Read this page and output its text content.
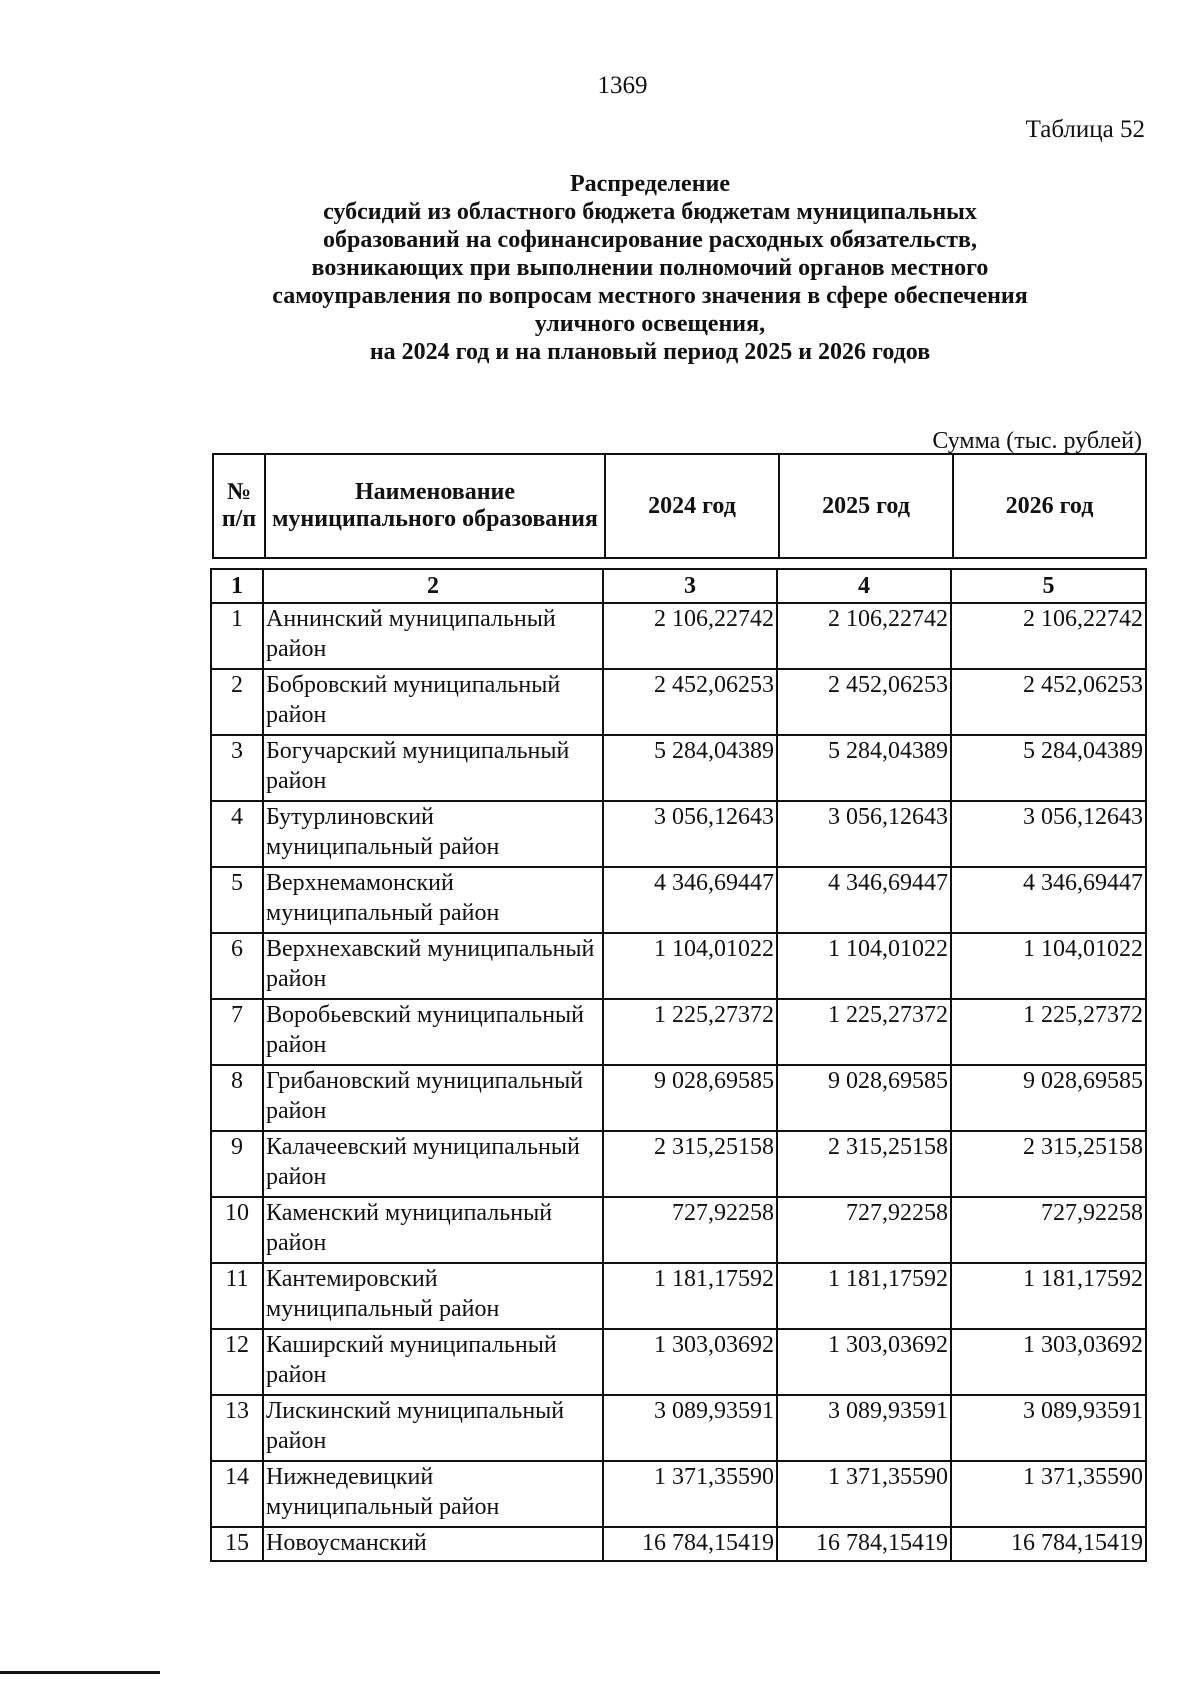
1369
Таблица 52
Распределение
субсидий из областного бюджета бюджетам муниципальных
образований на софинансирование расходных обязательств,
возникающих при выполнении полномочий органов местного
самоуправления по вопросам местного значения в сфере обеспечения
уличного освещения,
на 2024 год и на плановый период 2025 и 2026 годов
Сумма (тыс. рублей)
№ п/п	Наименование муниципального образования	2024 год	2025 год	2026 год
1	2	3	4	5
1	Аннинский муниципальный район	2 106,22742	2 106,22742	2 106,22742
2	Бобровский муниципальный район	2 452,06253	2 452,06253	2 452,06253
3	Богучарский муниципальный район	5 284,04389	5 284,04389	5 284,04389
4	Бутурлиновский муниципальный район	3 056,12643	3 056,12643	3 056,12643
5	Верхнемамонский муниципальный район	4 346,69447	4 346,69447	4 346,69447
6	Верхнехавский муниципальный район	1 104,01022	1 104,01022	1 104,01022
7	Воробьевский муниципальный район	1 225,27372	1 225,27372	1 225,27372
8	Грибановский муниципальный район	9 028,69585	9 028,69585	9 028,69585
9	Калачеевский муниципальный район	2 315,25158	2 315,25158	2 315,25158
10	Каменский муниципальный район	727,92258	727,92258	727,92258
11	Кантемировский муниципальный район	1 181,17592	1 181,17592	1 181,17592
12	Каширский муниципальный район	1 303,03692	1 303,03692	1 303,03692
13	Лискинский муниципальный район	3 089,93591	3 089,93591	3 089,93591
14	Нижнедевицкий муниципальный район	1 371,35590	1 371,35590	1 371,35590
15	Новоусманский	16 784,15419	16 784,15419	16 784,15419
